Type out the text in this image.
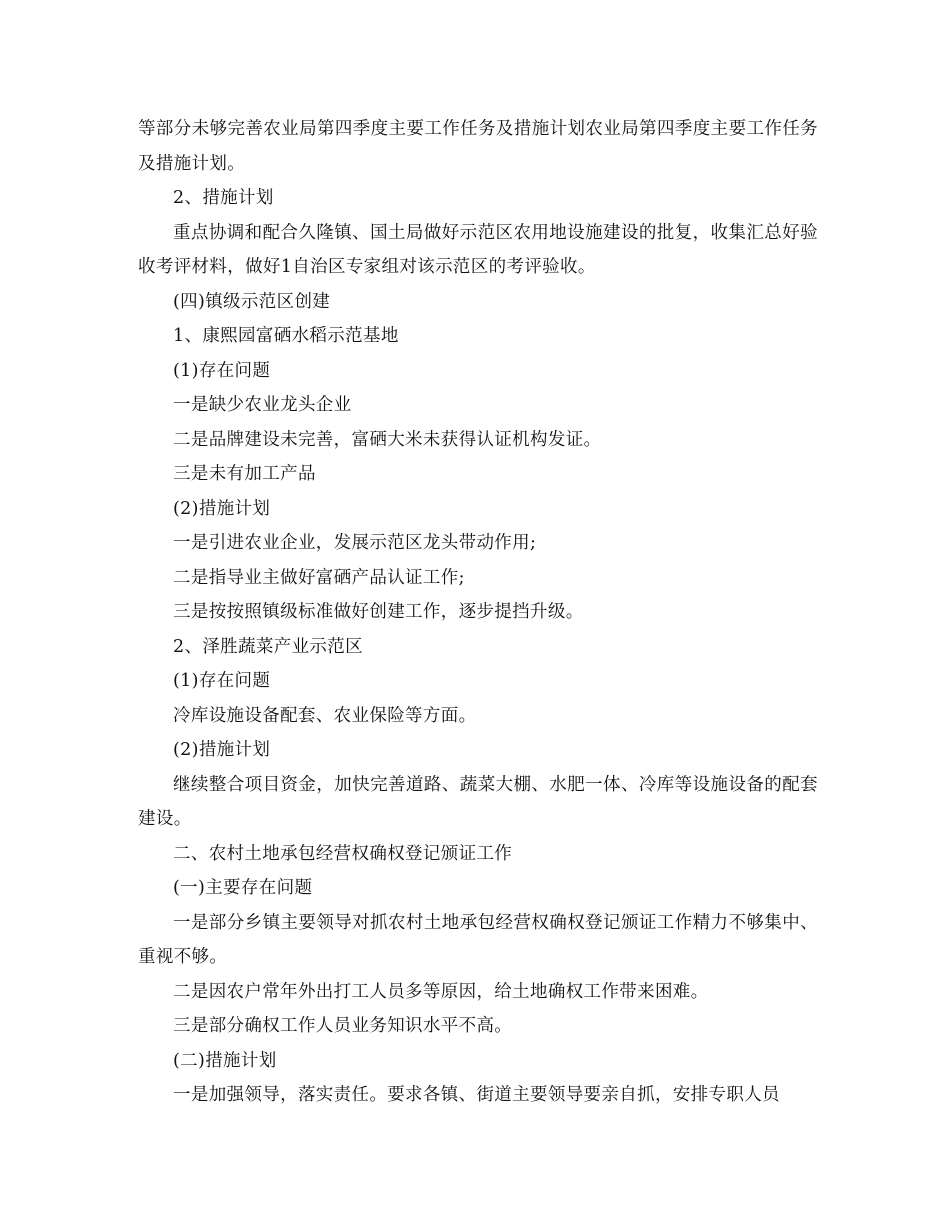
等部分未够完善农业局第四季度主要工作任务及措施计划农业局第四季度主要工作任务及措施计划。

2、措施计划

重点协调和配合久隆镇、国土局做好示范区农用地设施建设的批复，收集汇总好验收考评材料，做好1自治区专家组对该示范区的考评验收。

(四)镇级示范区创建

1、康熙园富硒水稻示范基地

(1)存在问题

一是缺少农业龙头企业

二是品牌建设未完善，富硒大米未获得认证机构发证。

三是未有加工产品

(2)措施计划

一是引进农业企业，发展示范区龙头带动作用;

二是指导业主做好富硒产品认证工作;

三是按按照镇级标准做好创建工作，逐步提挡升级。

2、泽胜蔬菜产业示范区

(1)存在问题

冷库设施设备配套、农业保险等方面。

(2)措施计划

继续整合项目资金，加快完善道路、蔬菜大棚、水肥一体、冷库等设施设备的配套建设。

二、农村土地承包经营权确权登记颁证工作

(一)主要存在问题

一是部分乡镇主要领导对抓农村土地承包经营权确权登记颁证工作精力不够集中、重视不够。

二是因农户常年外出打工人员多等原因，给土地确权工作带来困难。

三是部分确权工作人员业务知识水平不高。

(二)措施计划

一是加强领导，落实责任。要求各镇、街道主要领导要亲自抓，安排专职人员
